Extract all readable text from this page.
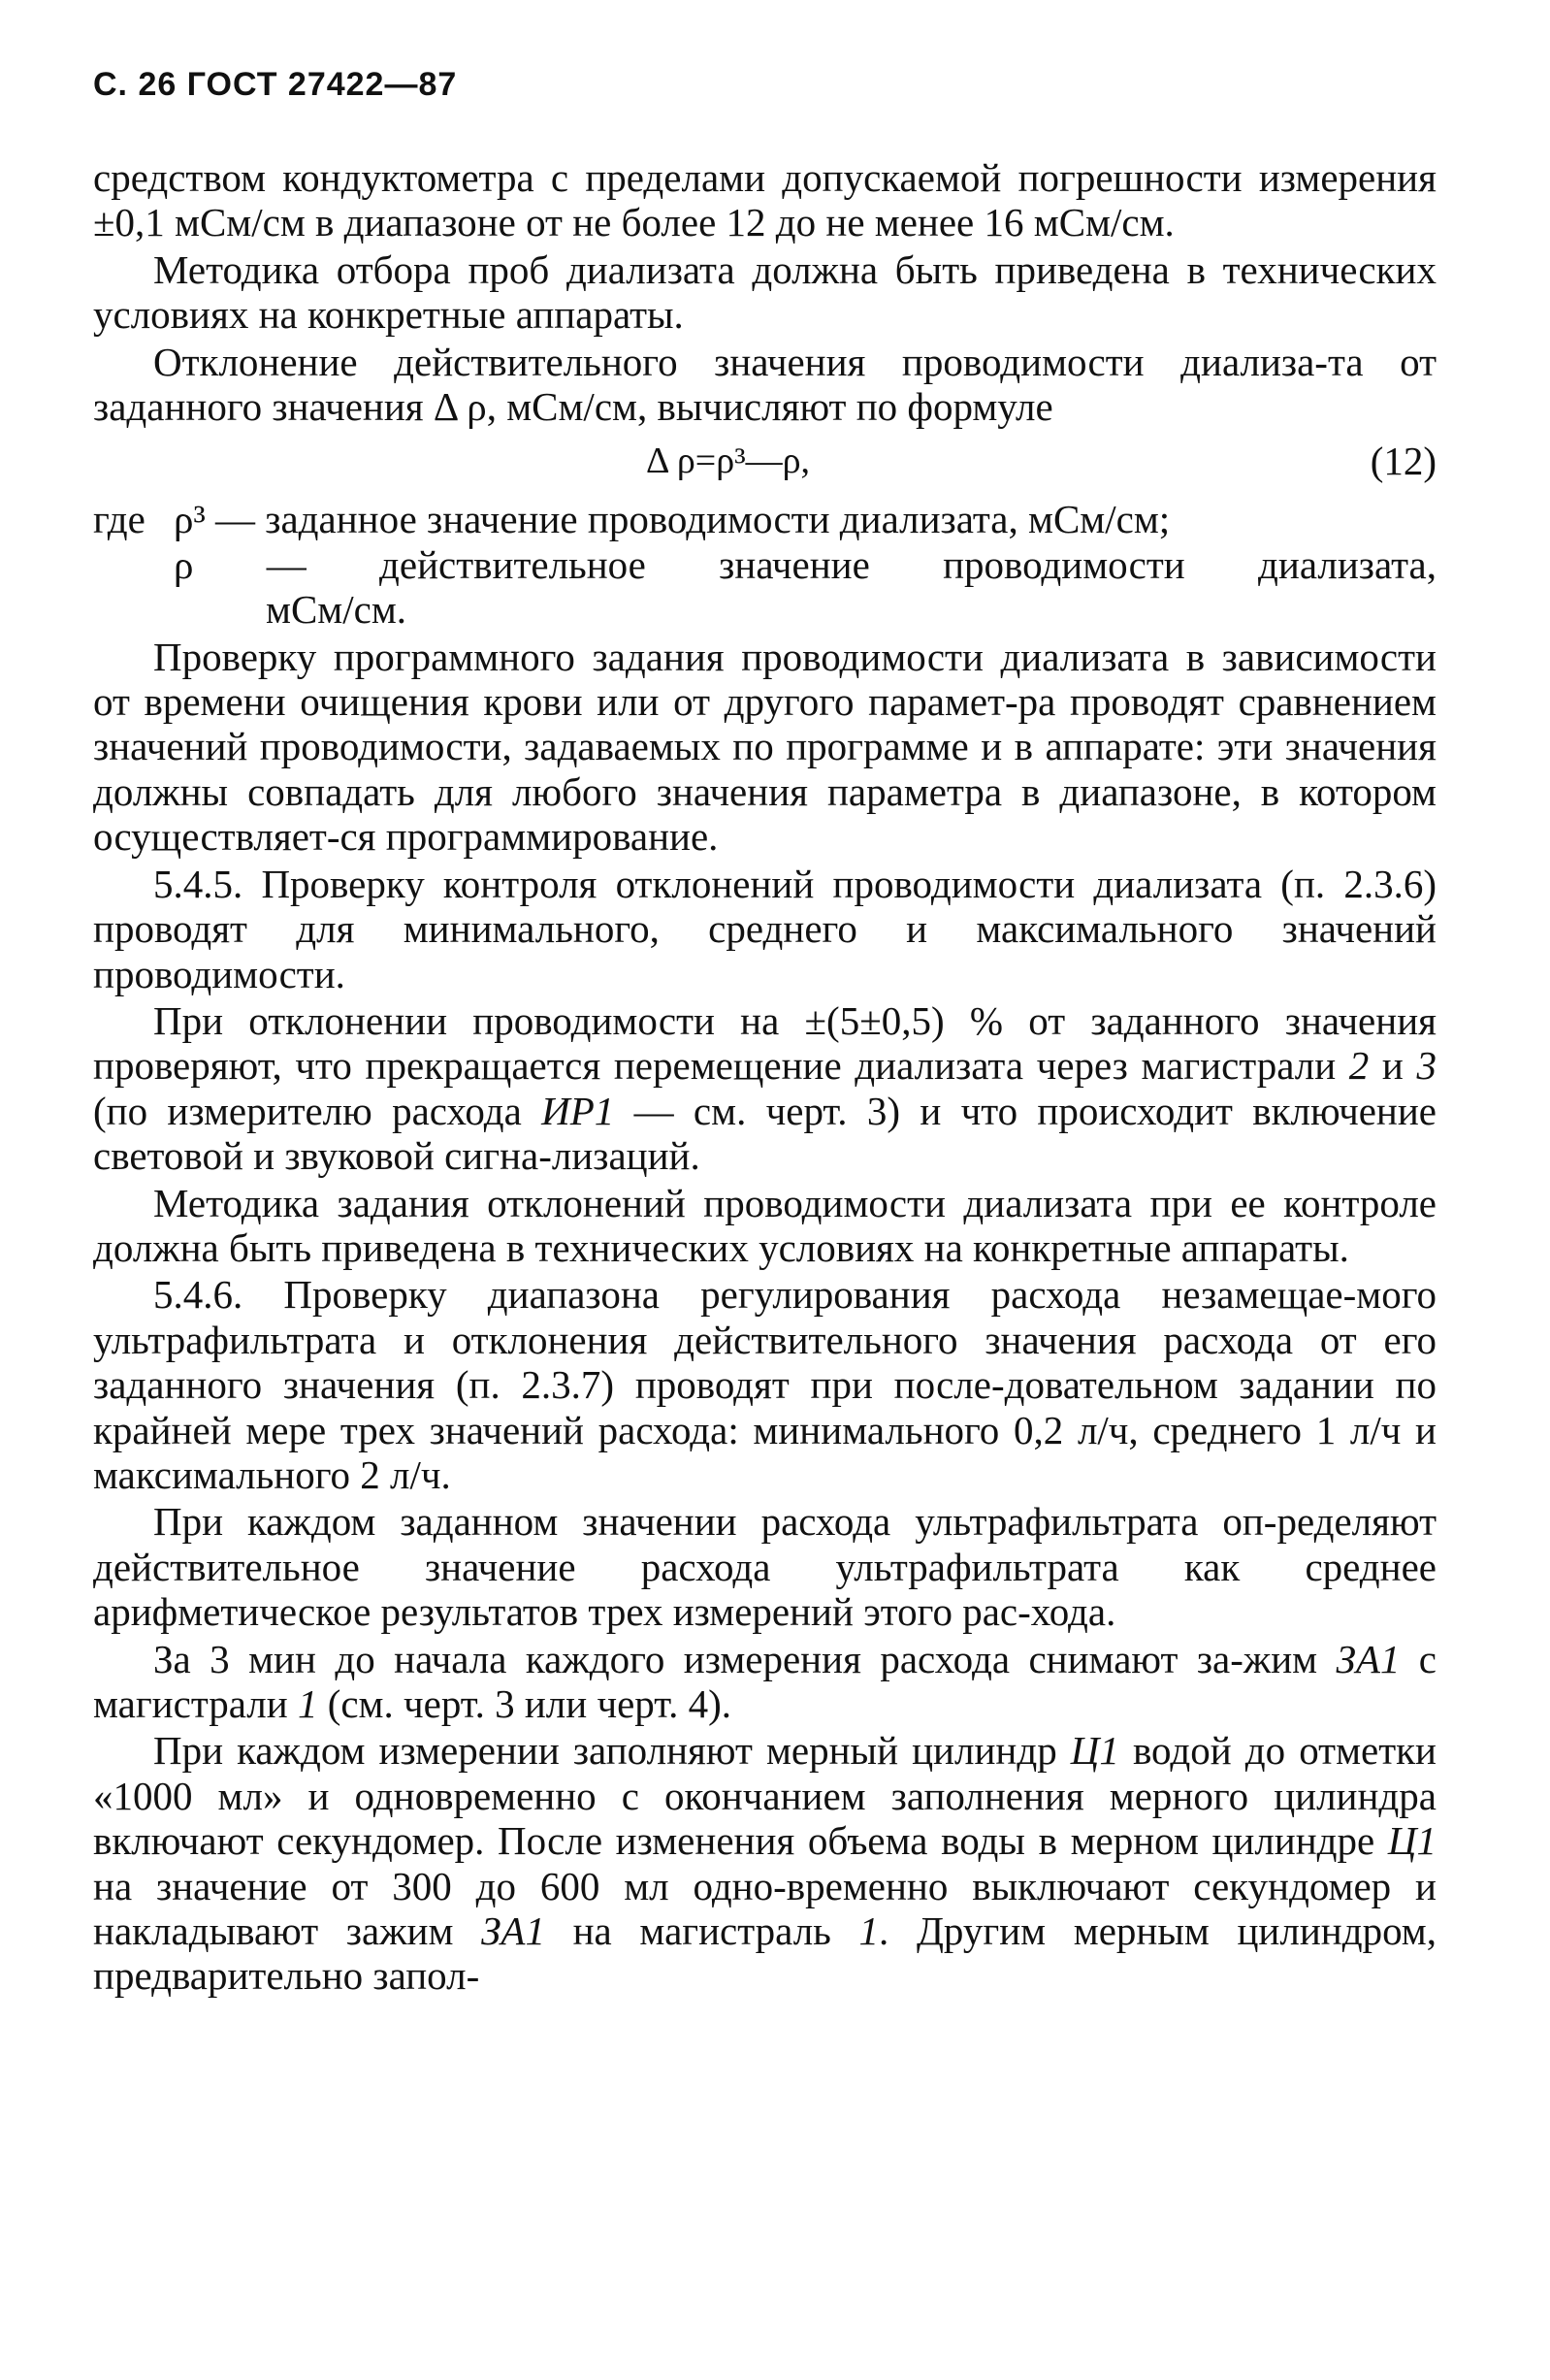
С. 26 ГОСТ 27422—87

средством кондуктометра с пределами допускаемой погрешности измерения ±0,1 мСм/см в диапазоне от не более 12 до не менее 16 мСм/см.

Методика отбора проб диализата должна быть приведена в технических условиях на конкретные аппараты.

Отклонение действительного значения проводимости диализа-та от заданного значения Δ ρ, мСм/см, вычисляют по формуле

Δ ρ=ρ³—ρ,	(12)
где ρ³ — заданное значение проводимости диализата, мСм/см;
ρ — действительное значение проводимости диализата,
мСм/см.

Проверку программного задания проводимости диализата в зависимости от времени очищения крови или от другого парамет-ра проводят сравнением значений проводимости, задаваемых по программе и в аппарате: эти значения должны совпадать для любого значения параметра в диапазоне, в котором осуществляет-ся программирование.

5.4.5. Проверку контроля отклонений проводимости диализата (п. 2.3.6) проводят для минимального, среднего и максимального значений проводимости.

При отклонении проводимости на ±(5±0,5) % от заданного значения проверяют, что прекращается перемещение диализата через магистрали 2 и 3 (по измерителю расхода ИР1 — см. черт. 3) и что происходит включение световой и звуковой сигна-лизаций.

Методика задания отклонений проводимости диализата при ее контроле должна быть приведена в технических условиях на конкретные аппараты.

5.4.6. Проверку диапазона регулирования расхода незамещае-мого ультрафильтрата и отклонения действительного значения расхода от его заданного значения (п. 2.3.7) проводят при после-довательном задании по крайней мере трех значений расхода: минимального 0,2 л/ч, среднего 1 л/ч и максимального 2 л/ч.

При каждом заданном значении расхода ультрафильтрата оп-ределяют действительное значение расхода ультрафильтрата как среднее арифметическое результатов трех измерений этого рас-хода.

За 3 мин до начала каждого измерения расхода снимают за-жим ЗА1 с магистрали 1 (см. черт. 3 или черт. 4).

При каждом измерении заполняют мерный цилиндр Ц1 водой до отметки «1000 мл» и одновременно с окончанием заполнения мерного цилиндра включают секундомер. После изменения объема воды в мерном цилиндре Ц1 на значение от 300 до 600 мл одно-временно выключают секундомер и накладывают зажим ЗА1 на магистраль 1. Другим мерным цилиндром, предварительно запол-
